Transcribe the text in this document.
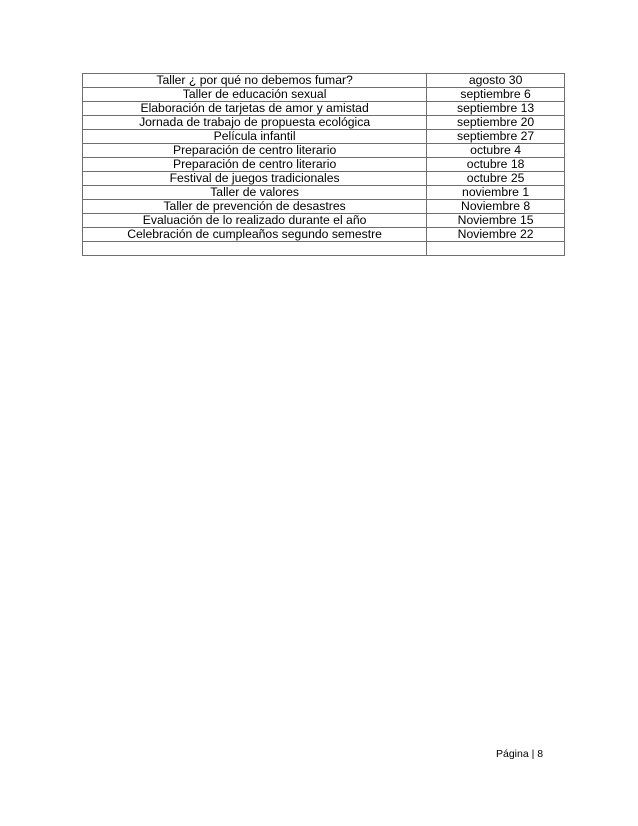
Taller ¿ por qué no debemos fumar?	agosto 30
Taller de educación sexual	septiembre 6
Elaboración de tarjetas de amor y amistad	septiembre 13
Jornada de trabajo de propuesta ecológica	septiembre 20
Película infantil	septiembre 27
Preparación de centro literario	octubre 4
Preparación de centro literario	octubre 18
Festival de juegos tradicionales	octubre 25
Taller de valores	noviembre 1
Taller de prevención de desastres	Noviembre 8
Evaluación de lo realizado durante el año	Noviembre 15
Celebración de cumpleaños segundo semestre	Noviembre 22

Página | 8
